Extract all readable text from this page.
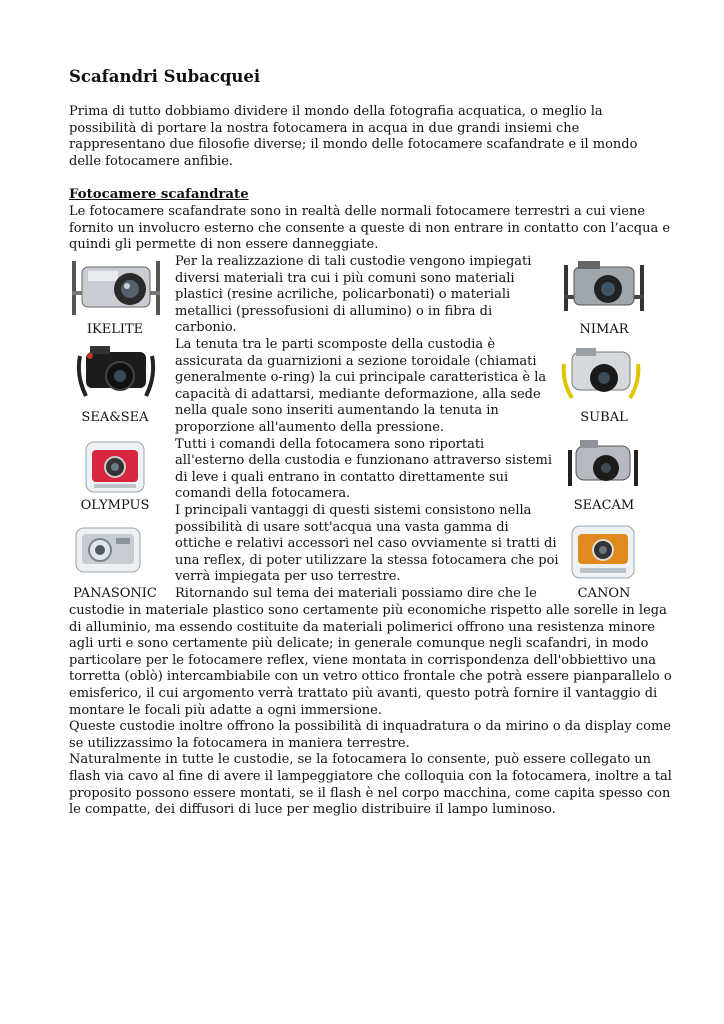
Scafandri Subacquei
Prima di tutto dobbiamo dividere il mondo della fotografia acquatica, o meglio la
possibilità di portare la nostra fotocamera in acqua in due grandi insiemi che
rappresentano due filosofie diverse; il mondo delle fotocamere scafandrate e il mondo
delle fotocamere anfibie.
Fotocamere scafandrate
Le fotocamere scafandrate sono in realtà delle normali fotocamere terrestri a cui viene
fornito un involucro esterno che consente a queste di non entrare in contatto con l’acqua e
quindi gli permette di non essere danneggiate.
Per la realizzazione di tali custodie vengono impiegati
diversi materiali tra cui i più comuni sono materiali
plastici (resine acriliche, policarbonati) o materiali
metallici (pressofusioni di allumino) o in fibra di
carbonio.
La tenuta tra le parti scomposte della custodia è
assicurata da guarnizioni a sezione toroidale (chiamati
generalmente o-ring) la cui principale caratteristica è la
capacità di adattarsi, mediante deformazione, alla sede
nella quale sono inseriti aumentando la tenuta in
proporzione all'aumento della pressione.
Tutti i comandi della fotocamera sono riportati
all'esterno della custodia e funzionano attraverso sistemi
di leve i quali entrano in contatto direttamente sui
comandi della fotocamera.
I principali vantaggi di questi sistemi consistono nella
possibilità di usare sott'acqua una vasta gamma di
ottiche e relativi accessori nel caso ovviamente si tratti di
una reflex, di poter utilizzare la stessa fotocamera che poi
verrà impiegata per uso terrestre.
Ritornando sul tema dei materiali possiamo dire che le
custodie in materiale plastico sono certamente più economiche rispetto alle sorelle in lega
di alluminio, ma essendo costituite da materiali polimerici offrono una resistenza minore
agli urti e sono certamente più delicate; in generale comunque negli scafandri, in modo
particolare per le fotocamere reflex, viene montata in corrispondenza dell'obbiettivo una
torretta (oblò) intercambiabile con un vetro ottico frontale che potrà essere pianparallelo o
emisferico, il cui argomento verrà trattato più avanti, questo potrà fornire il vantaggio di
montare le focali più adatte a ogni immersione.
Queste custodie inoltre offrono la possibilità di inquadratura o da mirino o da display come
se utilizzassimo la fotocamera in maniera terrestre.
Naturalmente in tutte le custodie, se la fotocamera lo consente, può essere collegato un
flash via cavo al fine di avere il lampeggiatore che colloquia con la fotocamera, inoltre a tal
proposito possono essere montati, se il flash è nel corpo macchina, come capita spesso con
le compatte, dei diffusori di luce per meglio distribuire il lampo luminoso.
IKELITE
SEA&SEA
OLYMPUS
PANASONIC
NIMAR
SUBAL
SEACAM
CANON
